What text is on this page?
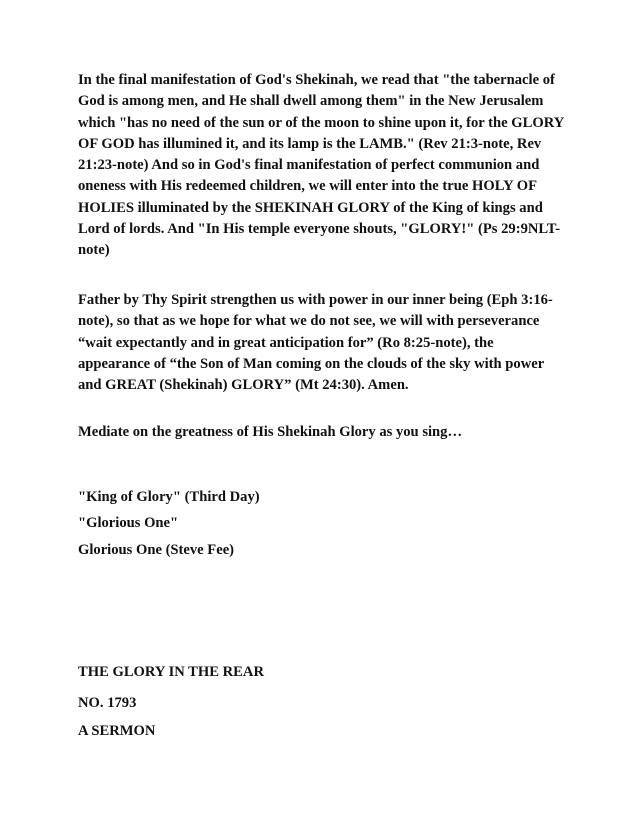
In the final manifestation of God's Shekinah, we read that "the tabernacle of
God is among men, and He shall dwell among them" in the New Jerusalem
which "has no need of the sun or of the moon to shine upon it, for the GLORY
OF GOD has illumined it, and its lamp is the LAMB." (Rev 21:3-note, Rev
21:23-note) And so in God's final manifestation of perfect communion and
oneness with His redeemed children, we will enter into the true HOLY OF
HOLIES illuminated by the SHEKINAH GLORY of the King of kings and
Lord of lords. And "In His temple everyone shouts, "GLORY!" (Ps 29:9NLT-
note)
Father by Thy Spirit strengthen us with power in our inner being (Eph 3:16-
note), so that as we hope for what we do not see, we will with perseverance
“wait expectantly and in great anticipation for” (Ro 8:25-note), the
appearance of “the Son of Man coming on the clouds of the sky with power
and GREAT (Shekinah) GLORY” (Mt 24:30). Amen.
Mediate on the greatness of His Shekinah Glory as you sing…
"King of Glory" (Third Day)
"Glorious One"
Glorious One (Steve Fee)
THE GLORY IN THE REAR
NO. 1793
A SERMON
